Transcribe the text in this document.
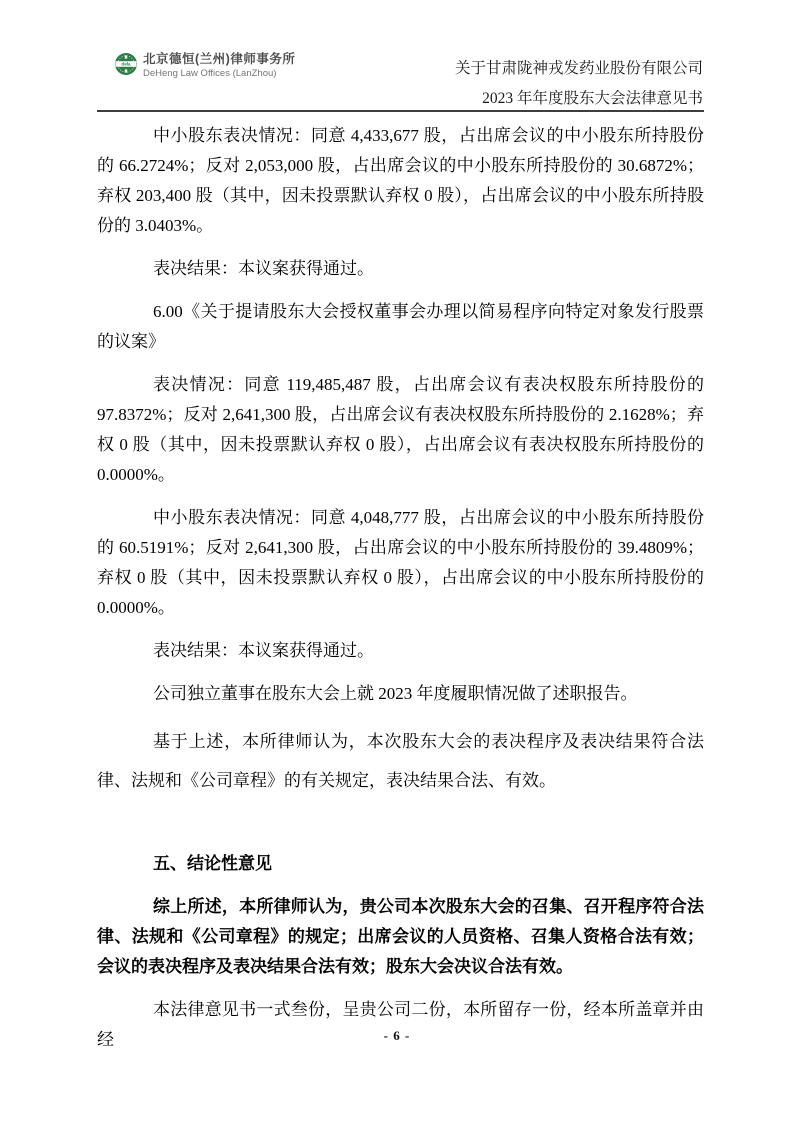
dela 北京德恒(兰州)律师事务所
DeHeng Law Offices (LanZhou)	关于甘肃陇神戎发药业股份有限公司
2023 年年度股东大会法律意见书

中小股东表决情况：同意 4,433,677 股，占出席会议的中小股东所持股份的 66.2724%；反对 2,053,000 股，占出席会议的中小股东所持股份的 30.6872%；弃权 203,400 股（其中，因未投票默认弃权 0 股），占出席会议的中小股东所持股份的 3.0403%。

表决结果：本议案获得通过。

6.00《关于提请股东大会授权董事会办理以简易程序向特定对象发行股票的议案》

表决情况：同意 119,485,487 股，占出席会议有表决权股东所持股份的 97.8372%；反对 2,641,300 股，占出席会议有表决权股东所持股份的 2.1628%；弃权 0 股（其中，因未投票默认弃权 0 股），占出席会议有表决权股东所持股份的 0.0000%。

中小股东表决情况：同意 4,048,777 股，占出席会议的中小股东所持股份的 60.5191%；反对 2,641,300 股，占出席会议的中小股东所持股份的 39.4809%；弃权 0 股（其中，因未投票默认弃权 0 股），占出席会议的中小股东所持股份的 0.0000%。

表决结果：本议案获得通过。

公司独立董事在股东大会上就 2023 年度履职情况做了述职报告。

基于上述，本所律师认为，本次股东大会的表决程序及表决结果符合法律、法规和《公司章程》的有关规定，表决结果合法、有效。

五、结论性意见

综上所述，本所律师认为，贵公司本次股东大会的召集、召开程序符合法律、法规和《公司章程》的规定；出席会议的人员资格、召集人资格合法有效；会议的表决程序及表决结果合法有效；股东大会决议合法有效。

本法律意见书一式叁份，呈贵公司二份，本所留存一份，经本所盖章并由经	- 6 -
